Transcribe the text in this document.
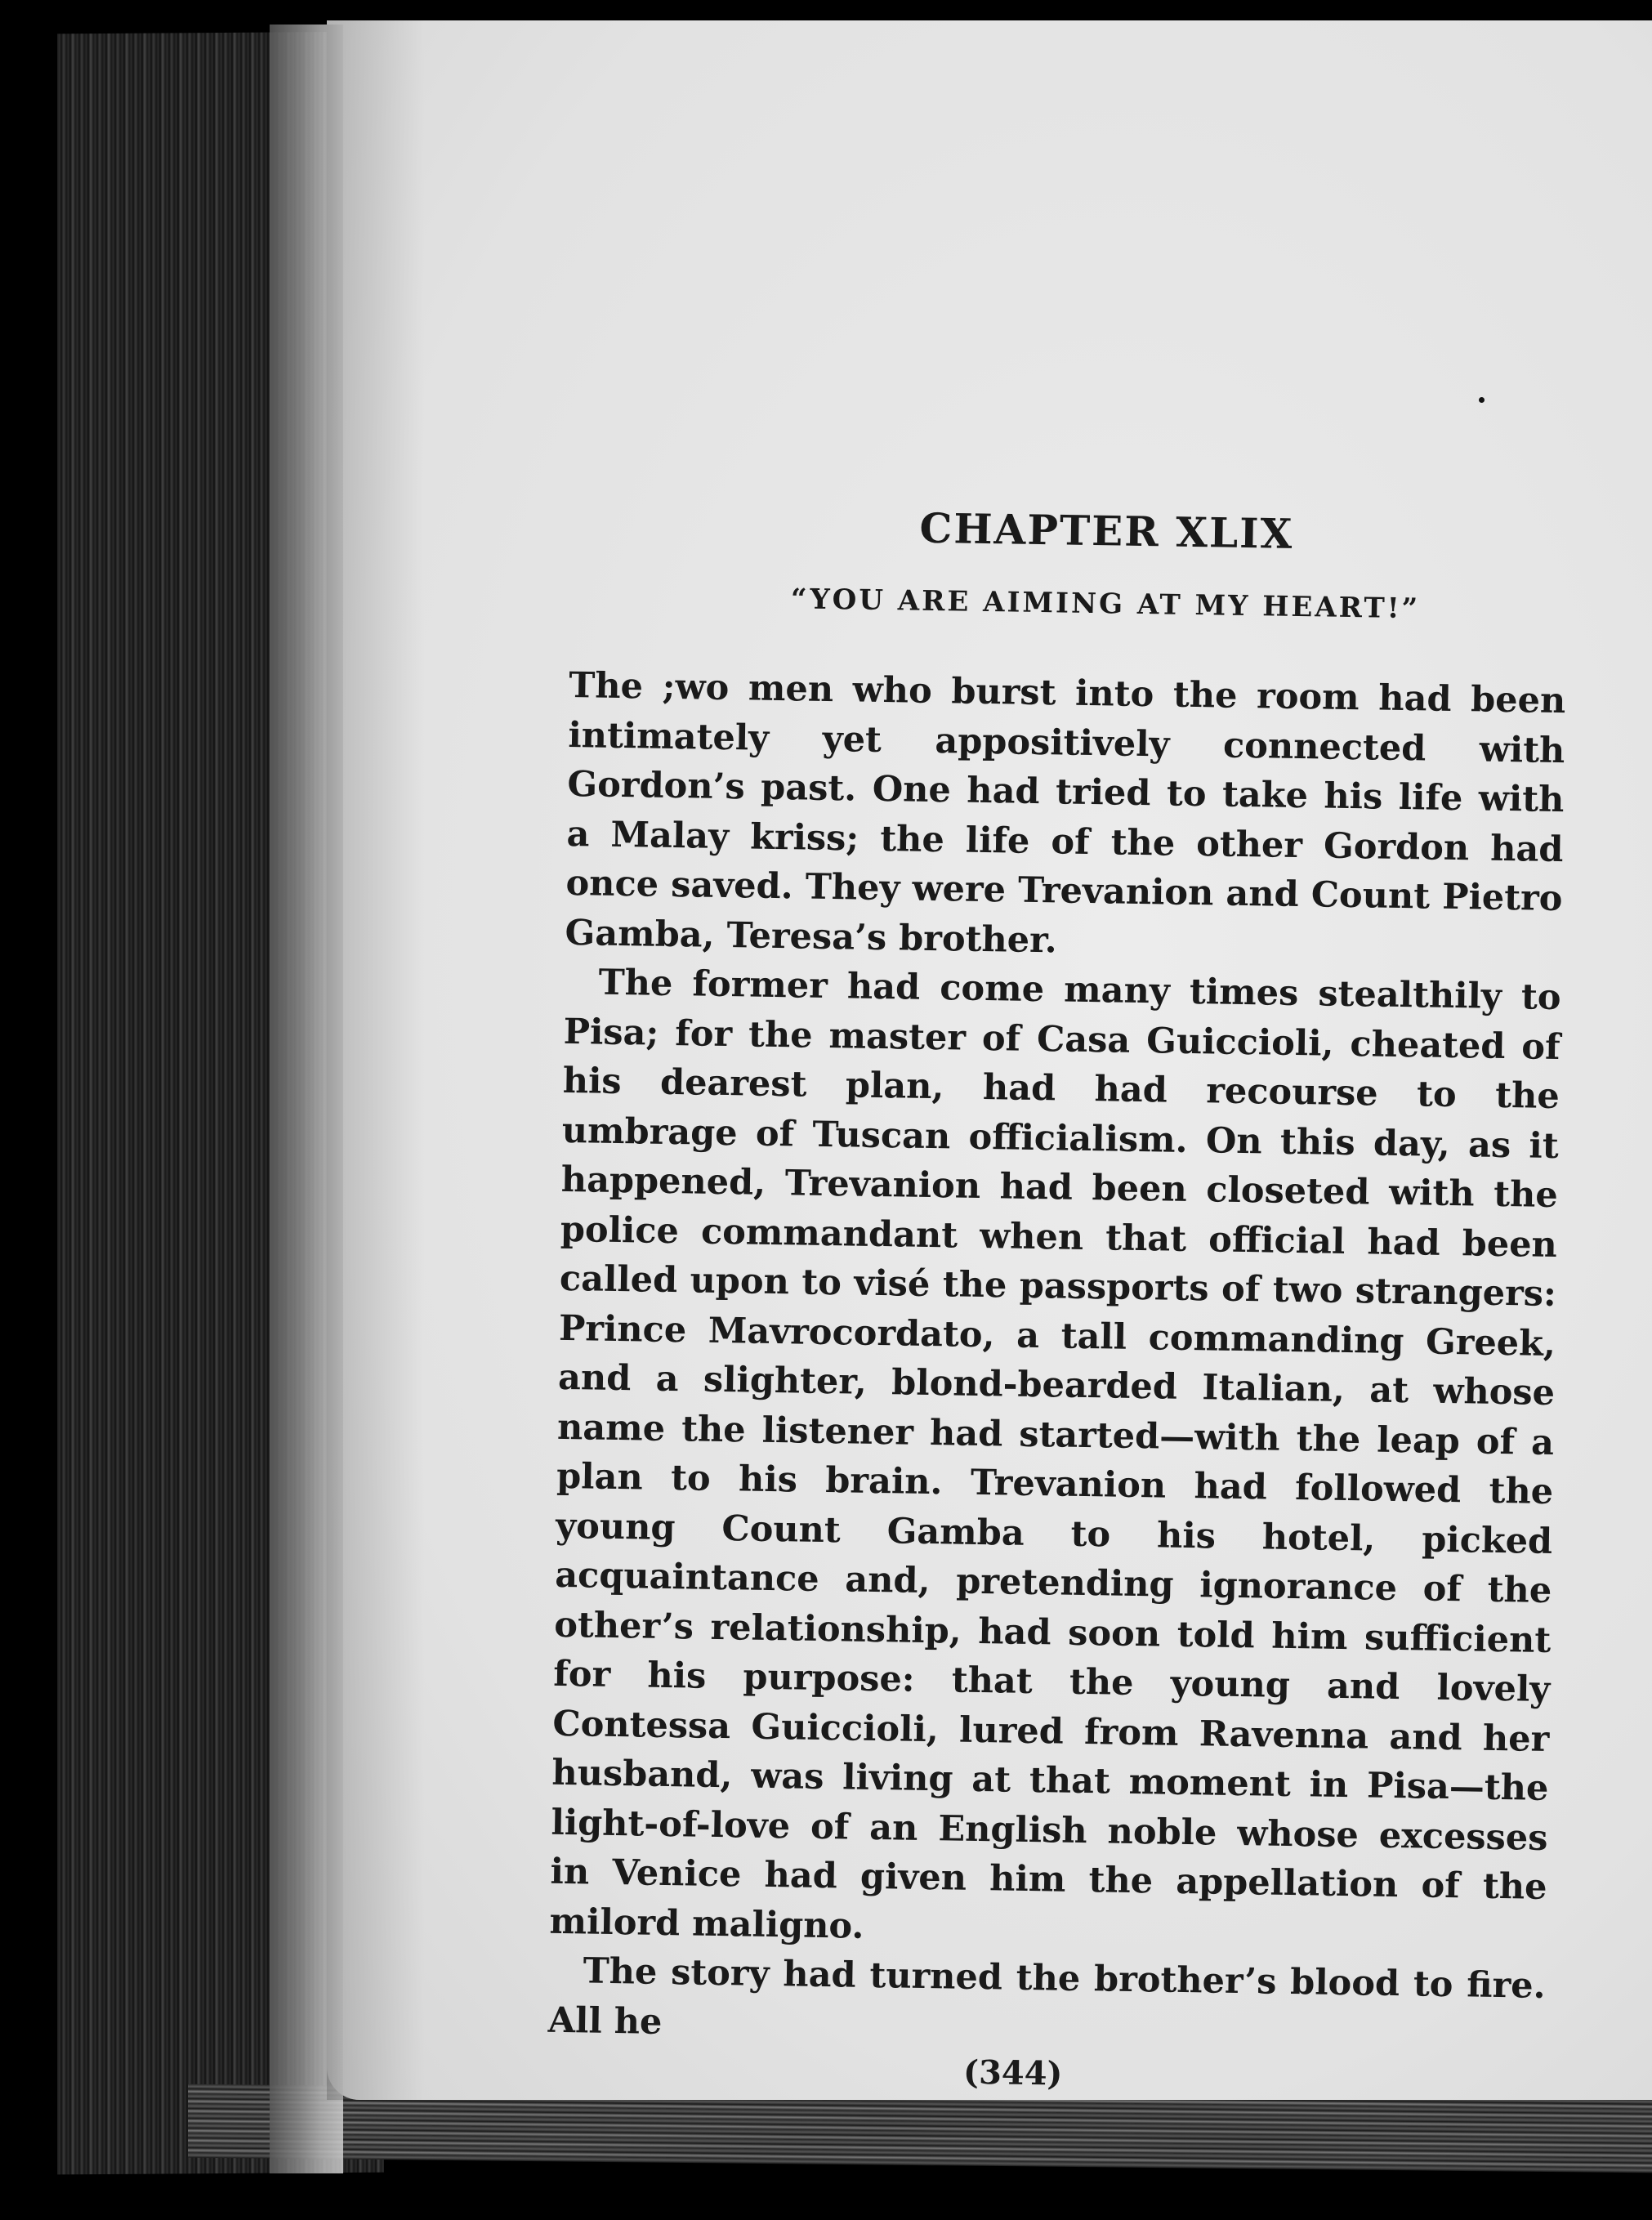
CHAPTER XLIX
“YOU ARE AIMING AT MY HEART!”

The ;wo men who burst into the room had been intimately yet appositively connected with Gordon’s past. One had tried to take his life with a Malay kriss; the life of the other Gordon had once saved. They were Trevanion and Count Pietro Gamba, Teresa’s brother.

The former had come many times stealthily to Pisa; for the master of Casa Guiccioli, cheated of his dearest plan, had had recourse to the umbrage of Tuscan officialism. On this day, as it happened, Trevanion had been closeted with the police commandant when that official had been called upon to visé the passports of two strangers: Prince Mavrocordato, a tall commanding Greek, and a slighter, blond-bearded Italian, at whose name the listener had started—with the leap of a plan to his brain. Trevanion had followed the young Count Gamba to his hotel, picked acquaintance and, pretending ignorance of the other’s relationship, had soon told him sufficient for his purpose: that the young and lovely Contessa Guiccioli, lured from Ravenna and her husband, was living at that moment in Pisa—the light-of-love of an English noble whose excesses in Venice had given him the appellation of the milord maligno.

The story had turned the brother’s blood to fire. All he

(344)
